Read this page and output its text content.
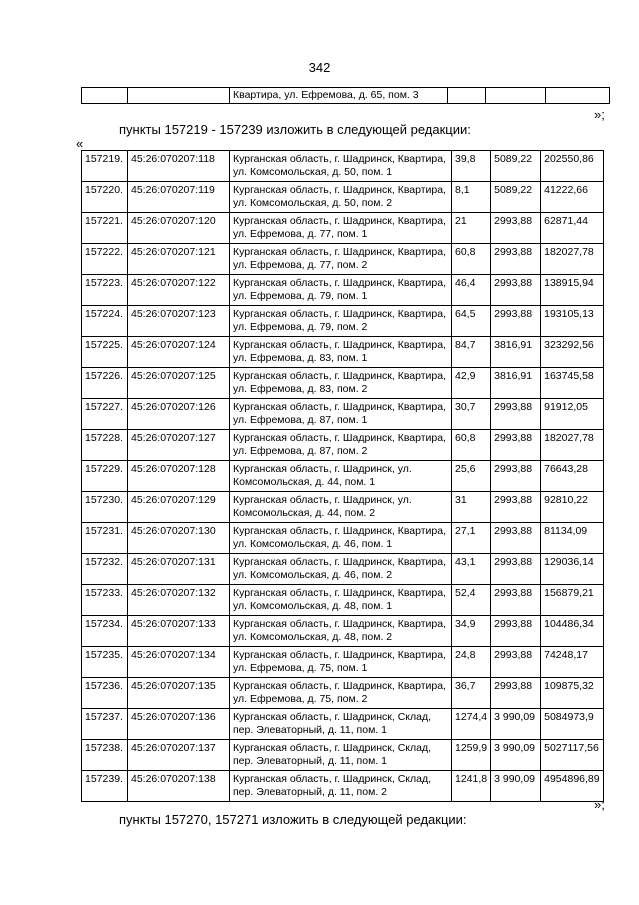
342
		Квартира, ул. Ефремова, д. 65, пом. 3			
»;
пункты 157219 - 157239 изложить в следующей редакции:
«
157219.	45:26:070207:118	Курганская область, г. Шадринск, Квартира, ул. Комсомольская, д. 50, пом. 1	39,8	5089,22	202550,86
157220.	45:26:070207:119	Курганская область, г. Шадринск, Квартира, ул. Комсомольская, д. 50, пом. 2	8,1	5089,22	41222,66
157221.	45:26:070207:120	Курганская область, г. Шадринск, Квартира, ул. Ефремова, д. 77, пом. 1	21	2993,88	62871,44
157222.	45:26:070207:121	Курганская область, г. Шадринск, Квартира, ул. Ефремова, д. 77, пом. 2	60,8	2993,88	182027,78
157223.	45:26:070207:122	Курганская область, г. Шадринск, Квартира, ул. Ефремова, д. 79, пом. 1	46,4	2993,88	138915,94
157224.	45:26:070207:123	Курганская область, г. Шадринск, Квартира, ул. Ефремова, д. 79, пом. 2	64,5	2993,88	193105,13
157225.	45:26:070207:124	Курганская область, г. Шадринск, Квартира, ул. Ефремова, д. 83, пом. 1	84,7	3816,91	323292,56
157226.	45:26:070207:125	Курганская область, г. Шадринск, Квартира, ул. Ефремова, д. 83, пом. 2	42,9	3816,91	163745,58
157227.	45:26:070207:126	Курганская область, г. Шадринск, Квартира, ул. Ефремова, д. 87, пом. 1	30,7	2993,88	91912,05
157228.	45:26:070207:127	Курганская область, г. Шадринск, Квартира, ул. Ефремова, д. 87, пом. 2	60,8	2993,88	182027,78
157229.	45:26:070207:128	Курганская область, г. Шадринск, ул. Комсомольская, д. 44, пом. 1	25,6	2993,88	76643,28
157230.	45:26:070207:129	Курганская область, г. Шадринск, ул. Комсомольская, д. 44, пом. 2	31	2993,88	92810,22
157231.	45:26:070207:130	Курганская область, г. Шадринск, Квартира, ул. Комсомольская, д. 46, пом. 1	27,1	2993,88	81134,09
157232.	45:26:070207:131	Курганская область, г. Шадринск, Квартира, ул. Комсомольская, д. 46, пом. 2	43,1	2993,88	129036,14
157233.	45:26:070207:132	Курганская область, г. Шадринск, Квартира, ул. Комсомольская, д. 48, пом. 1	52,4	2993,88	156879,21
157234.	45:26:070207:133	Курганская область, г. Шадринск, Квартира, ул. Комсомольская, д. 48, пом. 2	34,9	2993,88	104486,34
157235.	45:26:070207:134	Курганская область, г. Шадринск, Квартира, ул. Ефремова, д. 75, пом. 1	24,8	2993,88	74248,17
157236.	45:26:070207:135	Курганская область, г. Шадринск, Квартира, ул. Ефремова, д. 75, пом. 2	36,7	2993,88	109875,32
157237.	45:26:070207:136	Курганская область, г. Шадринск, Склад, пер. Элеваторный, д. 11, пом. 1	1274,4	3 990,09	5084973,9
157238.	45:26:070207:137	Курганская область, г. Шадринск, Склад, пер. Элеваторный, д. 11, пом. 1	1259,9	3 990,09	5027117,56
157239.	45:26:070207:138	Курганская область, г. Шадринск, Склад, пер. Элеваторный, д. 11, пом. 2	1241,8	3 990,09	4954896,89
»;
пункты 157270, 157271 изложить в следующей редакции:
